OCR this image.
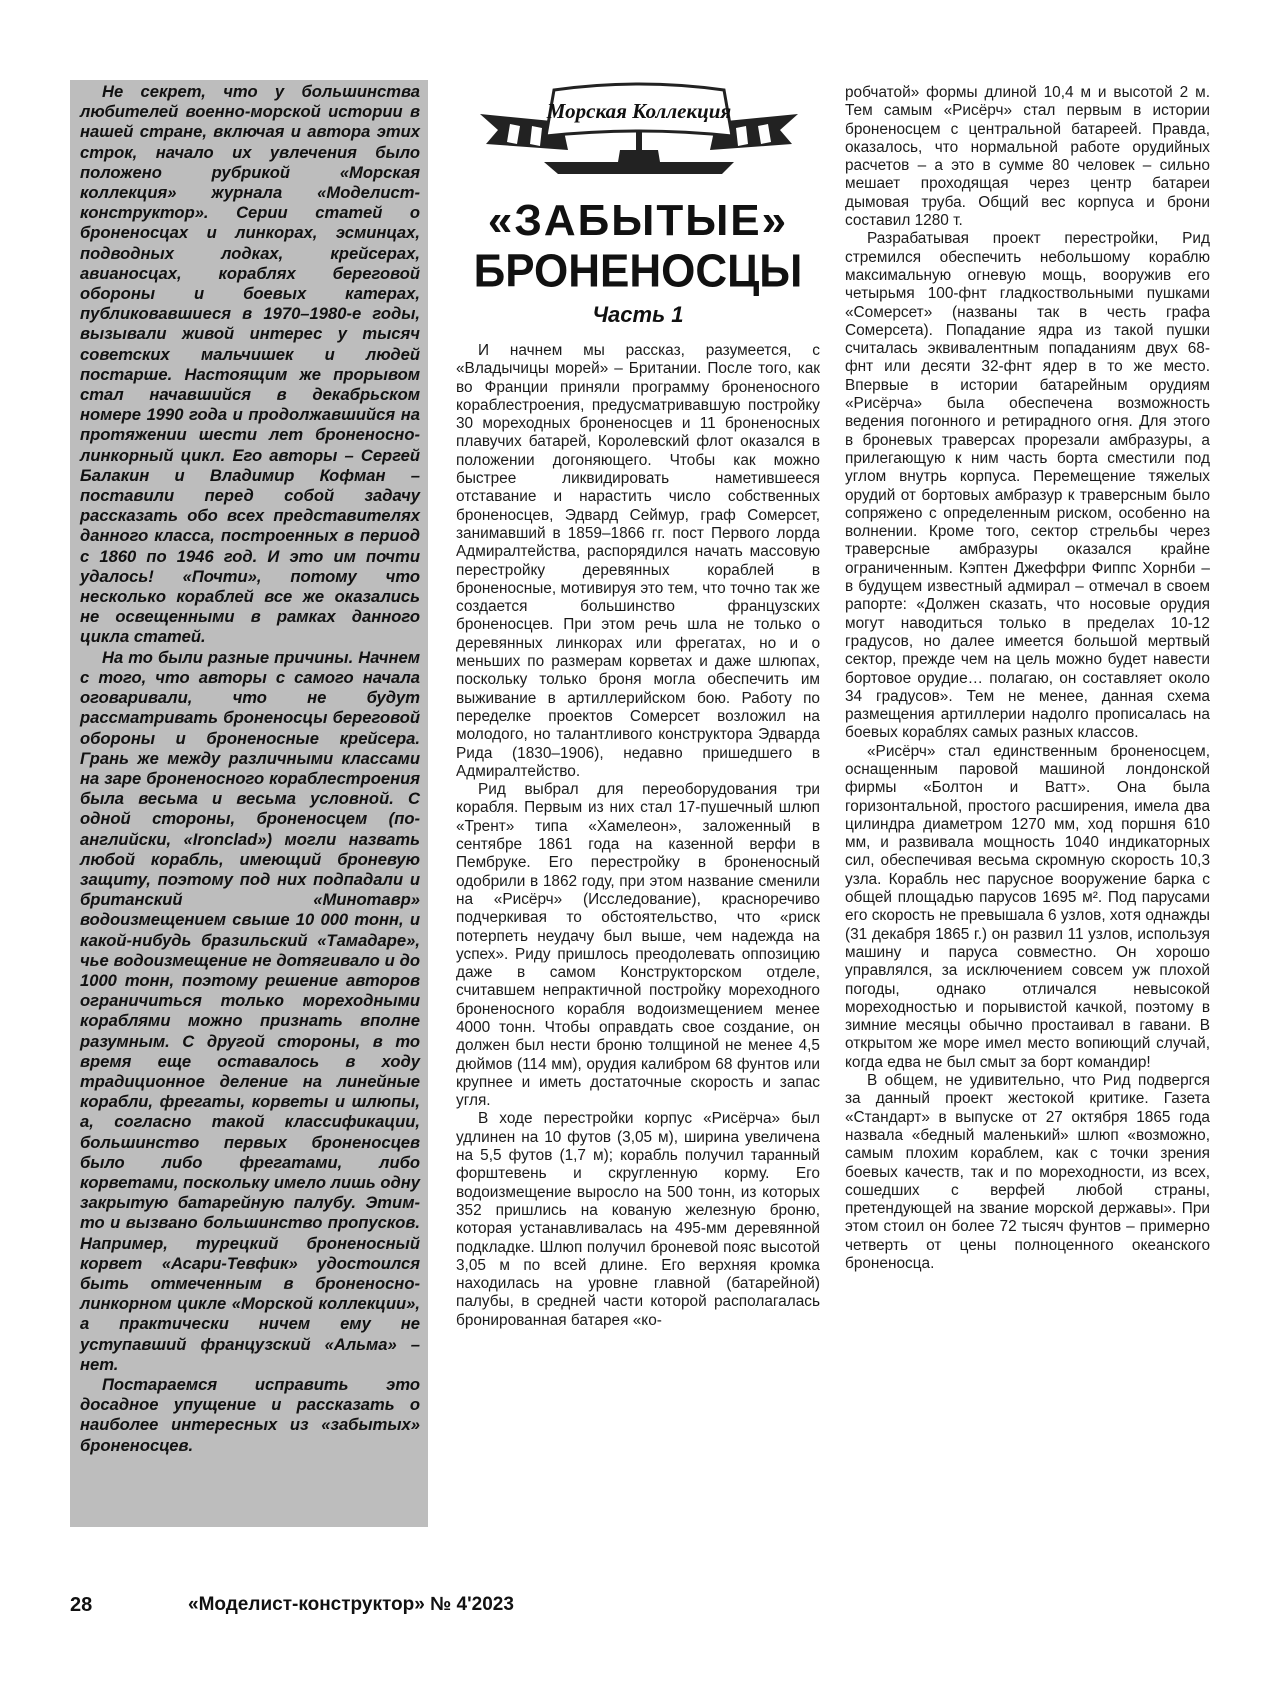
Не секрет, что у большинства любителей военно-морской истории в нашей стране, включая и автора этих строк, начало их увлечения было положено рубрикой «Морская коллекция» журнала «Моделист-конструктор». Серии статей о броненосцах и линкорах, эсминцах, подводных лодках, крейсерах, авианосцах, кораблях береговой обороны и боевых катерах, публиковавшиеся в 1970–1980-е годы, вызывали живой интерес у тысяч советских мальчишек и людей постарше. Настоящим же прорывом стал начавшийся в декабрьском номере 1990 года и продолжавшийся на протяжении шести лет броненосно-линкорный цикл. Его авторы – Сергей Балакин и Владимир Кофман – поставили перед собой задачу рассказать обо всех представителях данного класса, построенных в период с 1860 по 1946 год. И это им почти удалось! «Почти», потому что несколько кораблей все же оказались не освещенными в рамках данного цикла статей.

На то были разные причины. Начнем с того, что авторы с самого начала оговаривали, что не будут рассматривать броненосцы береговой обороны и броненосные крейсера. Грань же между различными классами на заре броненосного кораблестроения была весьма и весьма условной. С одной стороны, броненосцем (по-английски, «Ironclad») могли назвать любой корабль, имеющий броневую защиту, поэтому под них подпадали и британский «Минотавр» водоизмещением свыше 10 000 тонн, и какой-нибудь бразильский «Тамадаре», чье водоизмещение не дотягивало и до 1000 тонн, поэтому решение авторов ограничиться только мореходными кораблями можно признать вполне разумным. С другой стороны, в то время еще оставалось в ходу традиционное деление на линейные корабли, фрегаты, корветы и шлюпы, а, согласно такой классификации, большинство первых броненосцев было либо фрегатами, либо корветами, поскольку имело лишь одну закрытую батарейную палубу. Этим-то и вызвано большинство пропусков. Например, турецкий броненосный корвет «Асари-Тевфик» удостоился быть отмеченным в броненосно-линкорном цикле «Морской коллекции», а практически ничем ему не уступавший французский «Альма» – нет.

Постараемся исправить это досадное упущение и рассказать о наиболее интересных из «забытых» броненосцев.

Морская Коллекция
«ЗАБЫТЫЕ»
БРОНЕНОСЦЫ
Часть 1

И начнем мы рассказ, разумеется, с «Владычицы морей» – Британии. После того, как во Франции приняли программу броненосного кораблестроения, предусматривавшую постройку 30 мореходных броненосцев и 11 броненосных плавучих батарей, Королевский флот оказался в положении догоняющего. Чтобы как можно быстрее ликвидировать наметившееся отставание и нарастить число собственных броненосцев, Эдвард Сеймур, граф Сомерсет, занимавший в 1859–1866 гг. пост Первого лорда Адмиралтейства, распорядился начать массовую перестройку деревянных кораблей в броненосные, мотивируя это тем, что точно так же создается большинство французских броненосцев. При этом речь шла не только о деревянных линкорах или фрегатах, но и о меньших по размерам корветах и даже шлюпах, поскольку только броня могла обеспечить им выживание в артиллерийском бою. Работу по переделке проектов Сомерсет возложил на молодого, но талантливого конструктора Эдварда Рида (1830–1906), недавно пришедшего в Адмиралтейство.

Рид выбрал для переоборудования три корабля. Первым из них стал 17-пушечный шлюп «Трент» типа «Хамелеон», заложенный в сентябре 1861 года на казенной верфи в Пембруке. Его перестройку в броненосный одобрили в 1862 году, при этом название сменили на «Рисёрч» (Исследование), красноречиво подчеркивая то обстоятельство, что «риск потерпеть неудачу был выше, чем надежда на успех». Риду пришлось преодолевать оппозицию даже в самом Конструкторском отделе, считавшем непрактичной постройку мореходного броненосного корабля водоизмещением менее 4000 тонн. Чтобы оправдать свое создание, он должен был нести броню толщиной не менее 4,5 дюймов (114 мм), орудия калибром 68 фунтов или крупнее и иметь достаточные скорость и запас угля.

В ходе перестройки корпус «Рисёрча» был удлинен на 10 футов (3,05 м), ширина увеличена на 5,5 футов (1,7 м); корабль получил таранный форштевень и скругленную корму. Его водоизмещение выросло на 500 тонн, из которых 352 пришлись на кованую железную броню, которая устанавливалась на 495-мм деревянной подкладке. Шлюп получил броневой пояс высотой 3,05 м по всей длине. Его верхняя кромка находилась на уровне главной (батарейной) палубы, в средней части которой располагалась бронированная батарея «ко-

робчатой» формы длиной 10,4 м и высотой 2 м. Тем самым «Рисёрч» стал первым в истории броненосцем с центральной батареей. Правда, оказалось, что нормальной работе орудийных расчетов – а это в сумме 80 человек – сильно мешает проходящая через центр батареи дымовая труба. Общий вес корпуса и брони составил 1280 т.

Разрабатывая проект перестройки, Рид стремился обеспечить небольшому кораблю максимальную огневую мощь, вооружив его четырьмя 100-фнт гладкоствольными пушками «Сомерсет» (названы так в честь графа Сомерсета). Попадание ядра из такой пушки считалась эквивалентным попаданиям двух 68-фнт или десяти 32-фнт ядер в то же место. Впервые в истории батарейным орудиям «Рисёрча» была обеспечена возможность ведения погонного и ретирадного огня. Для этого в броневых траверсах прорезали амбразуры, а прилегающую к ним часть борта сместили под углом внутрь корпуса. Перемещение тяжелых орудий от бортовых амбразур к траверсным было сопряжено с определенным риском, особенно на волнении. Кроме того, сектор стрельбы через траверсные амбразуры оказался крайне ограниченным. Кэптен Джеффри Фиппс Хорнби – в будущем известный адмирал – отмечал в своем рапорте: «Должен сказать, что носовые орудия могут наводиться только в пределах 10-12 градусов, но далее имеется большой мертвый сектор, прежде чем на цель можно будет навести бортовое орудие… полагаю, он составляет около 34 градусов». Тем не менее, данная схема размещения артиллерии надолго прописалась на боевых кораблях самых разных классов.

«Рисёрч» стал единственным броненосцем, оснащенным паровой машиной лондонской фирмы «Болтон и Ватт». Она была горизонтальной, простого расширения, имела два цилиндра диаметром 1270 мм, ход поршня 610 мм, и развивала мощность 1040 индикаторных сил, обеспечивая весьма скромную скорость 10,3 узла. Корабль нес парусное вооружение барка с общей площадью парусов 1695 м². Под парусами его скорость не превышала 6 узлов, хотя однажды (31 декабря 1865 г.) он развил 11 узлов, используя машину и паруса совместно. Он хорошо управлялся, за исключением совсем уж плохой погоды, однако отличался невысокой мореходностью и порывистой качкой, поэтому в зимние месяцы обычно простаивал в гавани. В открытом же море имел место вопиющий случай, когда едва не был смыт за борт командир!

В общем, не удивительно, что Рид подвергся за данный проект жестокой критике. Газета «Стандарт» в выпуске от 27 октября 1865 года назвала «бедный маленький» шлюп «возможно, самым плохим кораблем, как с точки зрения боевых качеств, так и по мореходности, из всех, сошедших с верфей любой страны, претендующей на звание морской державы». При этом стоил он более 72 тысяч фунтов – примерно четверть от цены полноценного океанского броненосца.

28	«Моделист-конструктор» № 4'2023
